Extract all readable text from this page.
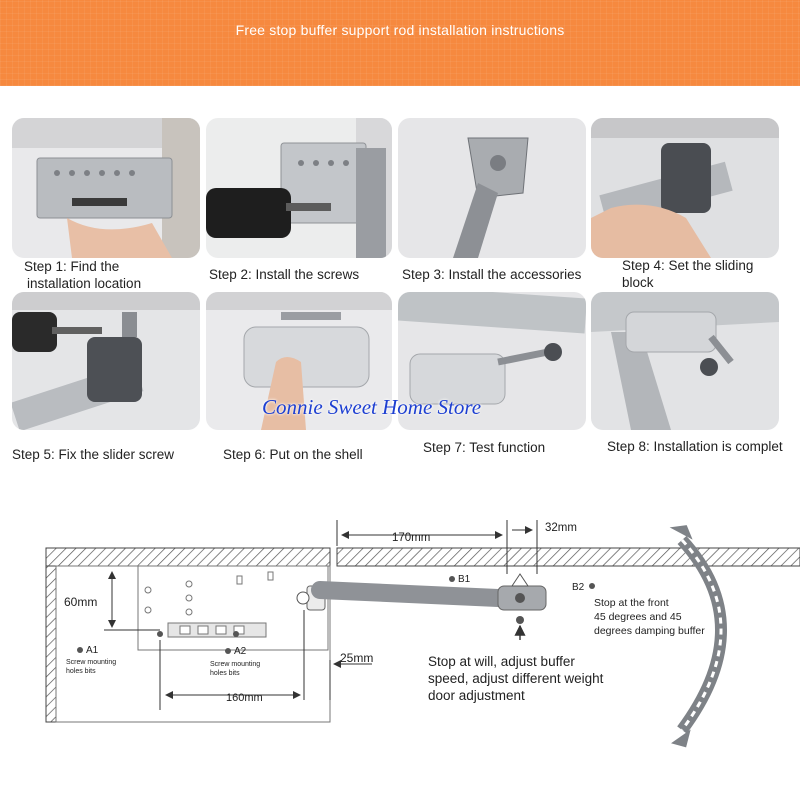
Free stop buffer support rod installation instructions
Step 1: Find the
installation location
Step 2: Install the screws	Step 3: Install the accessories
Step 4: Set the sliding
block
Connie Sweet Home Store
Step 5: Fix the slider screw	Step 6: Put on the shell	Step 7: Test function	Step 8: Installation is complet
170mm
32mm
60mm
25mm
160mm
A1
Screw mounting
holes bits
A2
Screw mounting
holes bits
B1
B2
Stop at the front 45 degrees and 45 degrees damping buffer
Stop at will, adjust buffer speed, adjust different weight door adjustment
